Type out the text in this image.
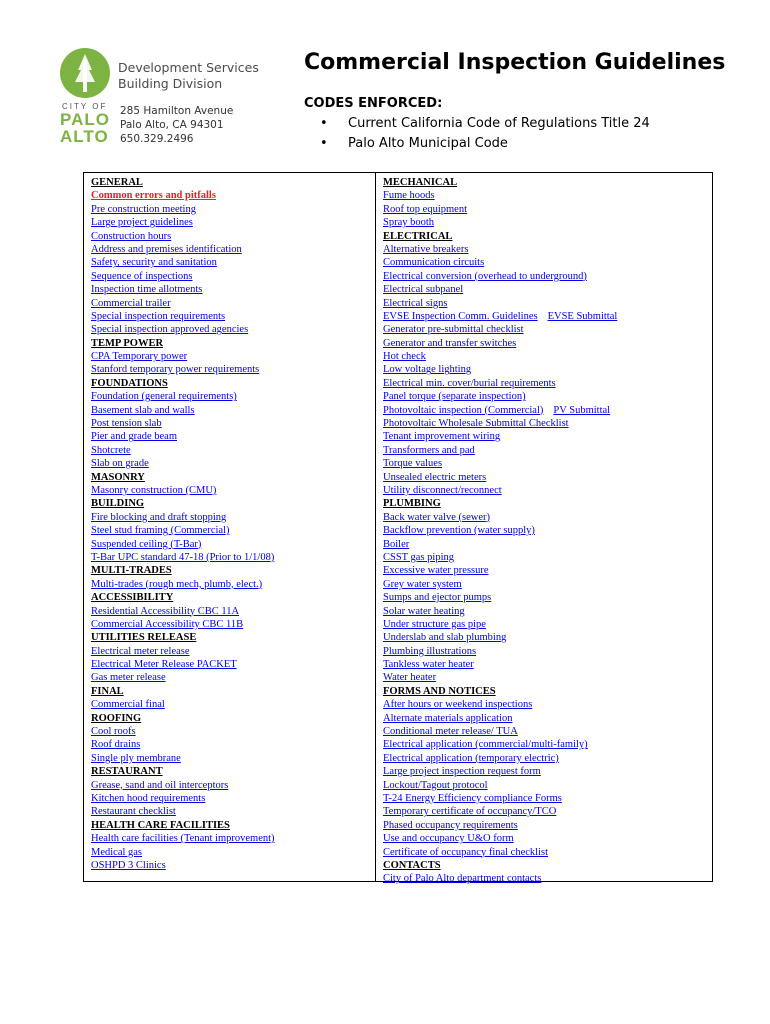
Development Services
Building Division
CITY OF
PALO
ALTO
285 Hamilton Avenue
Palo Alto, CA 94301
650.329.2496
Commercial Inspection Guidelines
CODES ENFORCED:
• Current California Code of Regulations Title 24
• Palo Alto Municipal Code
GENERAL
Common errors and pitfalls
Pre construction meeting
Large project guidelines
Construction hours
Address and premises identification
Safety, security and sanitation
Sequence of inspections
Inspection time allotments
Commercial trailer
Special inspection requirements
Special inspection approved agencies
TEMP POWER
CPA Temporary power
Stanford temporary power requirements
FOUNDATIONS
Foundation (general requirements)
Basement slab and walls
Post tension slab
Pier and grade beam
Shotcrete
Slab on grade
MASONRY
Masonry construction (CMU)
BUILDING
Fire blocking and draft stopping
Steel stud framing (Commercial)
Suspended ceiling (T-Bar)
T-Bar UPC standard 47-18 (Prior to 1/1/08)
MULTI-TRADES
Multi-trades (rough mech, plumb, elect.)
ACCESSIBILITY
Residential Accessibility CBC 11A
Commercial Accessibility CBC 11B
UTILITIES RELEASE
Electrical meter release
Electrical Meter Release PACKET
Gas meter release
FINAL
Commercial final
ROOFING
Cool roofs
Roof drains
Single ply membrane
RESTAURANT
Grease, sand and oil interceptors
Kitchen hood requirements
Restaurant checklist
HEALTH CARE FACILITIES
Health care facilities (Tenant improvement)
Medical gas
OSHPD 3 Clinics
MECHANICAL
Fume hoods
Roof top equipment
Spray booth
ELECTRICAL
Alternative breakers
Communication circuits
Electrical conversion (overhead to underground)
Electrical subpanel
Electrical signs
EVSE Inspection Comm. Guidelines EVSE Submittal
Generator pre-submittal checklist
Generator and transfer switches
Hot check
Low voltage lighting
Electrical min. cover/burial requirements
Panel torque (separate inspection)
Photovoltaic inspection (Commercial) PV Submittal
Photovoltaic Wholesale Submittal Checklist
Tenant improvement wiring
Transformers and pad
Torque values
Unsealed electric meters
Utility disconnect/reconnect
PLUMBING
Back water valve (sewer)
Backflow prevention (water supply)
Boiler
CSST gas piping
Excessive water pressure
Grey water system
Sumps and ejector pumps
Solar water heating
Under structure gas pipe
Underslab and slab plumbing
Plumbing illustrations
Tankless water heater
Water heater
FORMS AND NOTICES
After hours or weekend inspections
Alternate materials application
Conditional meter release/ TUA
Electrical application (commercial/multi-family)
Electrical application (temporary electric)
Large project inspection request form
Lockout/Tagout protocol
T-24 Energy Efficiency compliance Forms
Temporary certificate of occupancy/TCO
Phased occupancy requirements
Use and occupancy U&O form
Certificate of occupancy final checklist
CONTACTS
City of Palo Alto department contacts
